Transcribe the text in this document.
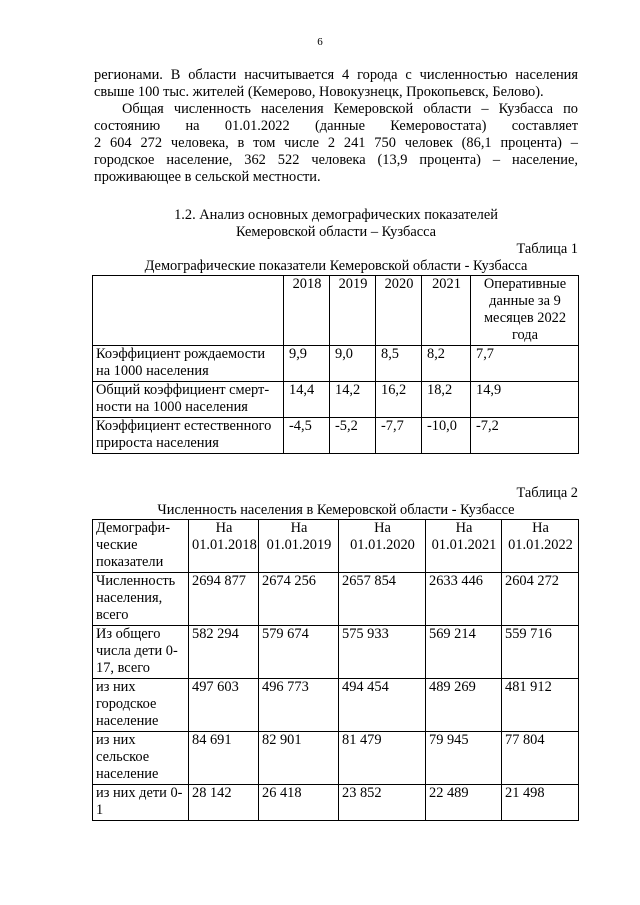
6

регионами. В области насчитывается 4 города с численностью населения
свыше 100 тыс. жителей (Кемерово, Новокузнецк, Прокопьевск, Белово).

Общая численность населения Кемеровской области – Кузбасса по
состоянию на 01.01.2022 (данные Кемеровостата) составляет
2 604 272 человека, в том числе 2 241 750 человек (86,1 процента) –
городское население, 362 522 человека (13,9 процента) – население,
проживающее в сельской местности.

1.2. Анализ основных демографических показателей
Кемеровской области – Кузбасса
Таблица 1
Демографические показатели Кемеровской области - Кузбасса
	2018	2019	2020	2021	Оперативные данные за 9 месяцев 2022 года
Коэффициент рождаемости на 1000 населения	9,9	9,0	8,5	8,2	7,7
Общий коэффициент смерт-ности на 1000 населения	14,4	14,2	16,2	18,2	14,9
Коэффициент естественного прироста населения	-4,5	-5,2	-7,7	-10,0	-7,2
Таблица 2
Численность населения в Кемеровской области - Кузбассе
Демографи-ческие показатели	На 01.01.2018	На 01.01.2019	На 01.01.2020	На 01.01.2021	На 01.01.2022
Численность населения, всего	2694 877	2674 256	2657 854	2633 446	2604 272
Из общего числа дети 0-17, всего	582 294	579 674	575 933	569 214	559 716
из них городское население	497 603	496 773	494 454	489 269	481 912
из них сельское население	84 691	82 901	81 479	79 945	77 804
из них дети 0-1	28 142	26 418	23 852	22 489	21 498
